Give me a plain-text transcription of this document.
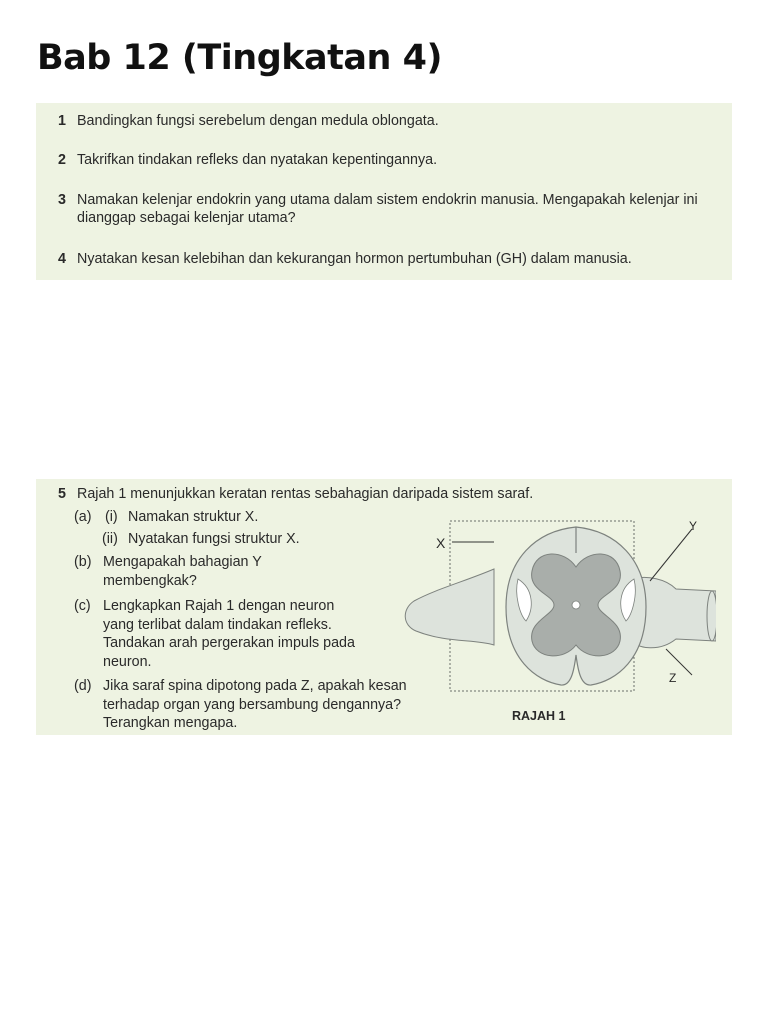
Bab 12 (Tingkatan 4)
1 Bandingkan fungsi serebelum dengan medula oblongata.
2 Takrifkan tindakan refleks dan nyatakan kepentingannya.
3 Namakan kelenjar endokrin yang utama dalam sistem endokrin manusia. Mengapakah kelenjar ini dianggap sebagai kelenjar utama?
4 Nyatakan kesan kelebihan dan kekurangan hormon pertumbuhan (GH) dalam manusia.
5 Rajah 1 menunjukkan keratan rentas sebahagian daripada sistem saraf.
(a) (i) Namakan struktur X.
(ii) Nyatakan fungsi struktur X.
(b) Mengapakah bahagian Y membengkak?
(c) Lengkapkan Rajah 1 dengan neuron yang terlibat dalam tindakan refleks. Tandakan arah pergerakan impuls pada neuron.
(d) Jika saraf spina dipotong pada Z, apakah kesan terhadap organ yang bersambung dengannya? Terangkan mengapa.
X
Y
Z
RAJAH 1
